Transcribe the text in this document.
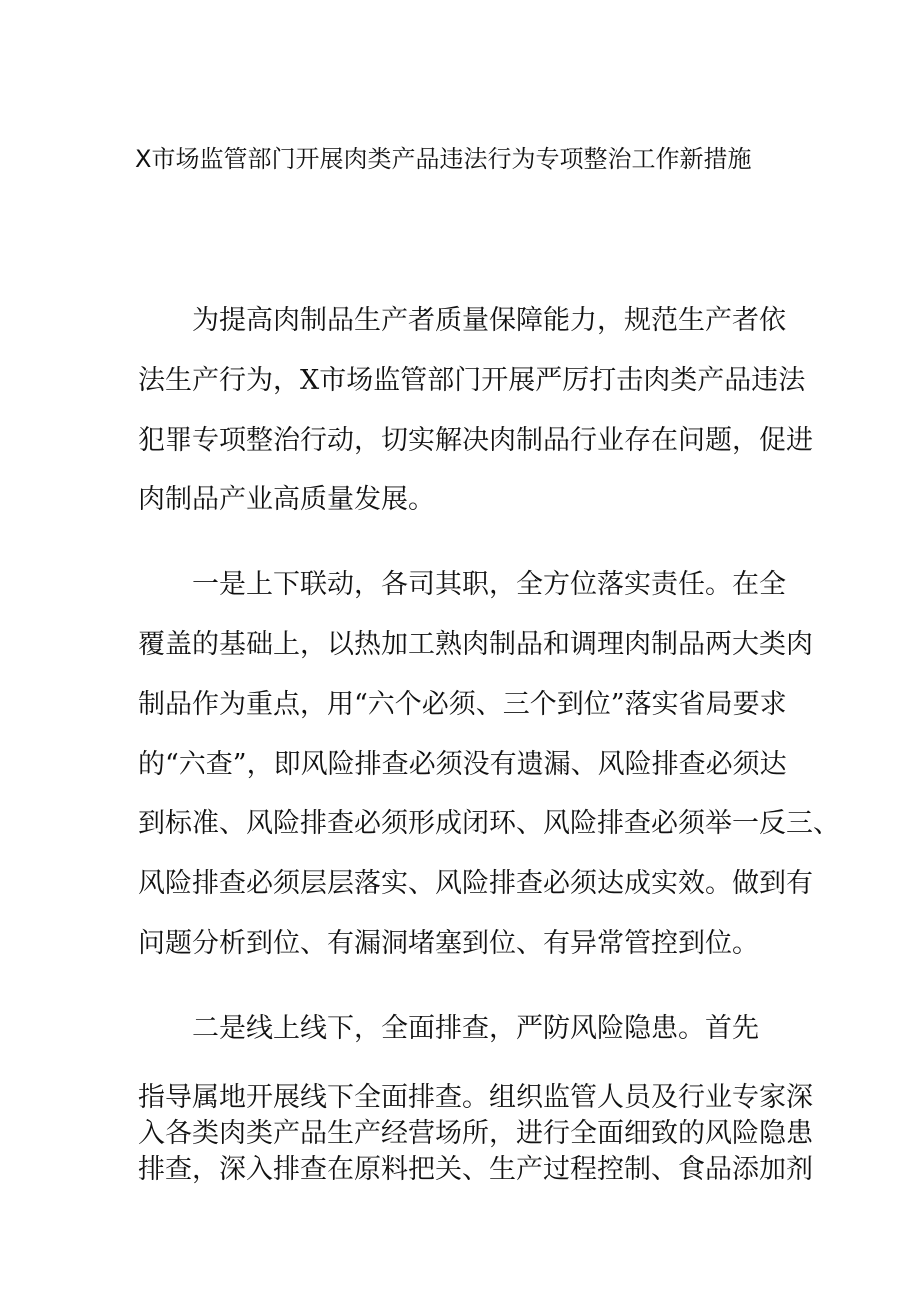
X市场监管部门开展肉类产品违法行为专项整治工作新措施
为提高肉制品生产者质量保障能力，规范生产者依
法生产行为，X市场监管部门开展严厉打击肉类产品违法
犯罪专项整治行动，切实解决肉制品行业存在问题，促进
肉制品产业高质量发展。
一是上下联动，各司其职，全方位落实责任。在全
覆盖的基础上，以热加工熟肉制品和调理肉制品两大类肉
制品作为重点，用“六个必须、三个到位”落实省局要求
的“六查”，即风险排查必须没有遗漏、风险排查必须达
到标准、风险排查必须形成闭环、风险排查必须举一反三、
风险排查必须层层落实、风险排查必须达成实效。做到有
问题分析到位、有漏洞堵塞到位、有异常管控到位。
二是线上线下，全面排查，严防风险隐患。首先
指导属地开展线下全面排查。组织监管人员及行业专家深
入各类肉类产品生产经营场所，进行全面细致的风险隐患
排查，深入排查在原料把关、生产过程控制、食品添加剂
